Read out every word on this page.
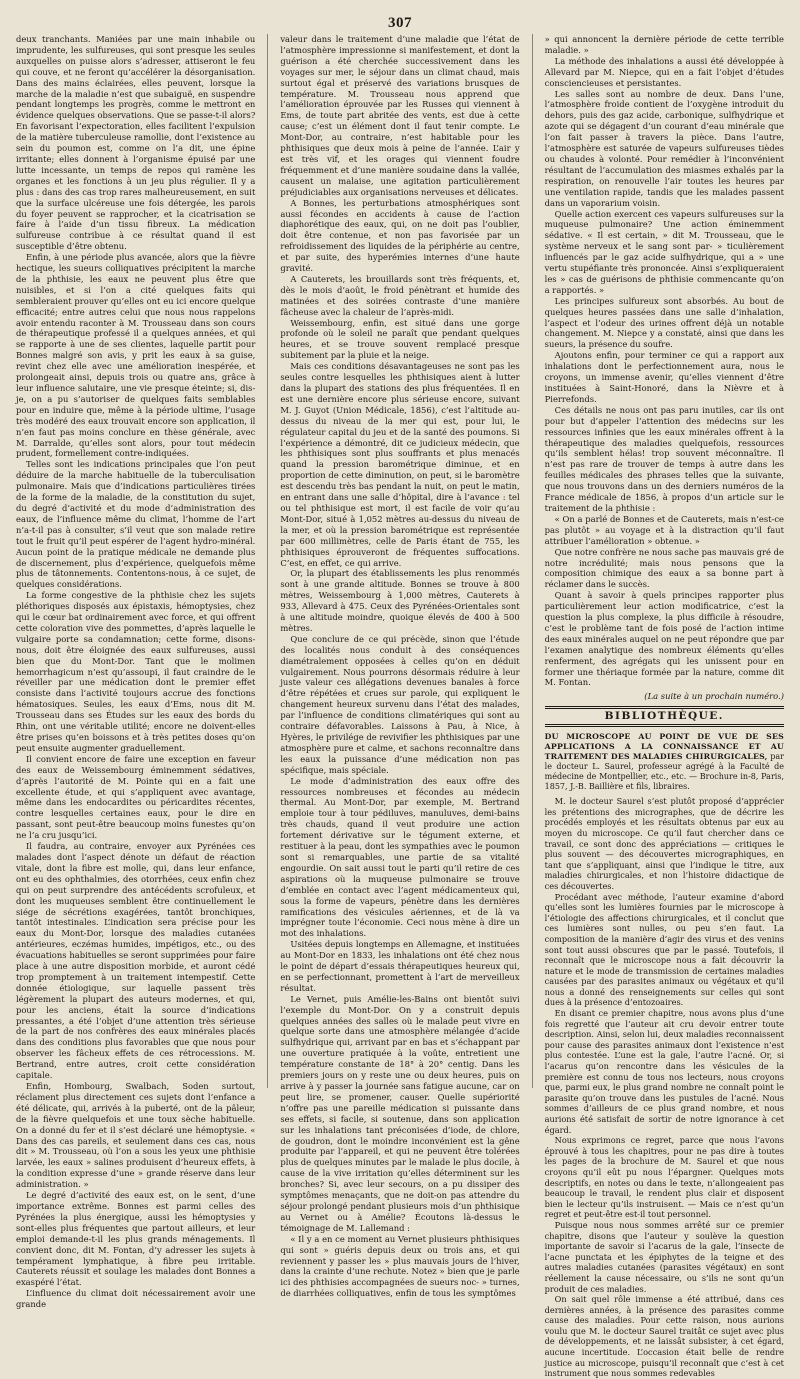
307

deux tranchants. Maniées par une main inhabile ou imprudente, les sulfureuses, qui sont presque les seules auxquelles on puisse alors s’adresser, attiseront le feu qui couve, et ne feront qu’accélérer la désorganisation. Dans des mains éclairées, elles peuvent, lorsque la marche de la maladie n’est que subaiguë, en suspendre pendant longtemps les progrès, comme le mettront en évidence quelques observations. Que se passe-t-il alors? En favorisant l’expectoration, elles facilitent l’expulsion de la matière tuberculeuse ramollie, dont l’existence au sein du poumon est, comme on l’a dit, une épine irritante; elles donnent à l’organisme épuisé par une lutte incessante, un temps de repos qui ramène les organes et les fonctions à un jeu plus régulier. Il y a plus : dans des cas trop rares malheureusement, en suit que la surface ulcéreuse une fois détergée, les parois du foyer peuvent se rapprocher, et la cicatrisation se faire à l’aide d’un tissu fibreux. La médication sulfureuse contribue à ce résultat quand il est susceptible d’être obtenu.

Enfin, à une période plus avancée, alors que la fièvre hectique, les sueurs colliquatives précipitent la marche de la phthisie, les eaux ne peuvent plus être que nuisibles, et si l’on a cité quelques faits qui sembleraient prouver qu’elles ont eu ici encore quelque efficacité; entre autres celui que nous nous rappelons avoir entendu raconter à M. Trousseau dans son cours de thérapeutique professé il a quelques années, et qui se rapporte à une de ses clientes, laquelle partit pour Bonnes malgré son avis, y prit les eaux à sa guise, revint chez elle avec une amélioration inespérée, et prolongeait ainsi, depuis trois ou quatre ans, grâce à leur influence salutaire, une vie presque éteinte; si, dis-je, on a pu s’autoriser de quelques faits semblables pour en induire que, même à la période ultime, l’usage très modéré des eaux trouvait encore son application, il n’en faut pas moins conclure en thèse générale, avec M. Darralde, qu’elles sont alors, pour tout médecin prudent, formellement contre-indiquées.

Telles sont les indications principales que l’on peut déduire de la marche habituelle de la tuberculisation pulmonaire. Mais que d’indications particulières tirées de la forme de la maladie, de la constitution du sujet, du degré d’activité et du mode d’administration des eaux, de l’influence même du climat, l’homme de l’art n’a-t-il pas à consulter, s’il veut que son malade retire tout le fruit qu’il peut espérer de l’agent hydro-minéral. Aucun point de la pratique médicale ne demande plus de discernement, plus d’expérience, quelquefois même plus de tâtonnements. Contentons-nous, à ce sujet, de quelques considérations.

La forme congestive de la phthisie chez les sujets pléthoriques disposés aux épistaxis, hémoptysies, chez qui le cœur bat ordinairement avec force, et qui offrent cette coloration vive des pommettes, d’après laquelle le vulgaire porte sa condamnation; cette forme, disons-nous, doit être éloignée des eaux sulfureuses, aussi bien que du Mont-Dor. Tant que le molimen hemorrhagicum n’est qu’assoupi, il faut craindre de le réveiller par une médication dont le premier effet consiste dans l’activité toujours accrue des fonctions hématosiques. Seules, les eaux d’Ems, nous dit M. Trousseau dans ses Études sur les eaux des bords du Rhin, ont une véritable utilité; encore ne doivent-elles être prises qu’en boissons et à très petites doses qu’on peut ensuite augmenter graduellement.

Il convient encore de faire une exception en faveur des eaux de Weissembourg éminemment sédatives, d’après l’autorité de M. Pointe qui en a fait une excellente étude, et qui s’appliquent avec avantage, même dans les endocardites ou péricardites récentes, contre lesquelles certaines eaux, pour le dire en passant, sont peut-être beaucoup moins funestes qu’on ne l’a cru jusqu’ici.

Il faudra, au contraire, envoyer aux Pyrénées ces malades dont l’aspect dénote un défaut de réaction vitale, dont la fibre est molle, qui, dans leur enfance, ont eu des ophthalmies, des otorrhées, ceux enfin chez qui on peut surprendre des antécédents scrofuleux, et dont les muqueuses semblent être continuellement le siége de sécrétions exagérées, tantôt bronchiques, tantôt intestinales. L’indication sera précise pour les eaux du Mont-Dor, lorsque des maladies cutanées antérieures, eczémas humides, impétigos, etc., ou des évacuations habituelles se seront supprimées pour faire place à une autre disposition morbide, et auront cédé trop promptement à un traitement intempestif. Cette donnée étiologique, sur laquelle passent très légèrement la plupart des auteurs modernes, et qui, pour les anciens, était la source d’indications pressantes, a été l’objet d’une attention très sérieuse de la part de nos confrères des eaux minérales placés dans des conditions plus favorables que que nous pour observer les fâcheux effets de ces rétrocessions. M. Bertrand, entre autres, croit cette considération capitale.

Enfin, Hombourg, Swalbach, Soden surtout, réclament plus directement ces sujets dont l’enfance a été délicate, qui, arrivés à la puberté, ont de la pâleur, de la fièvre quelquefois et une toux sèche habituelle. On a donné du fer et il s’est déclaré une hémoptysie. « Dans des cas pareils, et seulement dans ces cas, nous dit » M. Trousseau, où l’on a sous les yeux une phthisie larvée, les eaux » salines produisent d’heureux effets, à la condition expresse d’une » grande réserve dans leur administration. »

Le degré d’activité des eaux est, on le sent, d’une importance extrême. Bonnes est parmi celles des Pyrénées la plus énergique, aussi les hémoptysies y sont-elles plus fréquentes que partout ailleurs, et leur emploi demande-t-il les plus grands ménagements. Il convient donc, dit M. Fontan, d’y adresser les sujets à tempérament lymphatique, à fibre peu irritable. Cauterets réussit et soulage les malades dont Bonnes a exaspéré l’état.

L’influence du climat doit nécessairement avoir une grande

valeur dans le traitement d’une maladie que l’état de l’atmosphère impressionne si manifestement, et dont la guérison a été cherchée successivement dans les voyages sur mer, le séjour dans un climat chaud, mais surtout égal et préservé des variations brusques de température. M. Trousseau nous apprend que l’amélioration éprouvée par les Russes qui viennent à Ems, de toute part abritée des vents, est due à cette cause; c’est un élément dont il faut tenir compte. Le Mont-Dor, au contraire, n’est habitable pour les phthisiques que deux mois à peine de l’année. L’air y est très vif, et les orages qui viennent foudre fréquemment et d’une manière soudaine dans la vallée, causent un malaise, une agitation particulièrement préjudiciables aux organisations nerveuses et délicates.

A Bonnes, les perturbations atmosphériques sont aussi fécondes en accidents à cause de l’action diaphorétique des eaux, qui, on ne doit pas l’oublier, doit être contenue, et non pas favorisée par un refroidissement des liquides de la périphérie au centre, et par suite, des hyperémies internes d’une haute gravité.

A Cauterets, les brouillards sont très fréquents, et, dès le mois d’août, le froid pénètrant et humide des matinées et des soirées contraste d’une manière fâcheuse avec la chaleur de l’après-midi.

Weissembourg, enfin, est situé dans une gorge profonde où le soleil ne paraît que pendant quelques heures, et se trouve souvent remplacé presque subitement par la pluie et la neige.

Mais ces conditions désavantageuses ne sont pas les seules contre lesquelles les phthisiques aient à lutter dans la plupart des stations des plus fréquentées. Il en est une dernière encore plus sérieuse encore, suivant M. J. Guyot (Union Médicale, 1856), c’est l’altitude au-dessus du niveau de la mer qui est, pour lui, le régulateur capital du jeu et de la santé des poumons. Si l’expérience a démontré, dit ce judicieux médecin, que les phthisiques sont plus souffrants et plus menacés quand la pression barométrique diminue, et en proportion de cette diminution, on peut, si le baromètre est descendu très bas pendant la nuit, on peut le matin, en entrant dans une salle d’hôpital, dire à l’avance : tel ou tel phthisique est mort, il est facile de voir qu’au Mont-Dor, situé à 1,052 mètres au-dessus du niveau de la mer, et où la pression barométrique est représentée par 600 millimètres, celle de Paris étant de 755, les phthisiques éprouveront de fréquentes suffocations. C’est, en effet, ce qui arrive.

Or, la plupart des établissements les plus renommés sont à une grande altitude. Bonnes se trouve à 800 mètres, Weissembourg à 1,000 mètres, Cauterets à 933, Allevard à 475. Ceux des Pyrénées-Orientales sont à une altitude moindre, quoique élevés de 400 à 500 mètres.

Que conclure de ce qui précède, sinon que l’étude des localités nous conduit à des conséquences diamétralement opposées à celles qu’on en déduit vulgairement. Nous pourrons désormais réduire à leur juste valeur ces allégations devenues banales à force d’être répétées et crues sur parole, qui expliquent le changement heureux survenu dans l’état des malades, par l’influence de conditions climatériques qui sont au contraire défavorables. Laissons à Pau, à Nice, à Hyères, le privilége de revivifier les phthisiques par une atmosphère pure et calme, et sachons reconnaître dans les eaux la puissance d’une médication non pas spécifique, mais spéciale.

Le mode d’administration des eaux offre des ressources nombreuses et fécondes au médecin thermal. Au Mont-Dor, par exemple, M. Bertrand emploie tour à tour pédiluves, manuluves, demi-bains très chauds, quand il veut produire une action fortement dérivative sur le tégument externe, et restituer à la peau, dont les sympathies avec le poumon sont si remarquables, une partie de sa vitalité engourdie. On sait aussi tout le parti qu’il retire de ces aspirations où la muqueuse pulmonaire se trouve d’emblée en contact avec l’agent médicamenteux qui, sous la forme de vapeurs, pénètre dans les dernières ramifications des vésicules aériennes, et de là va imprégner toute l’économie. Ceci nous mène à dire un mot des inhalations.

Usitées depuis longtemps en Allemagne, et instituées au Mont-Dor en 1833, les inhalations ont été chez nous le point de départ d’essais thérapeutiques heureux qui, en se perfectionnant, promettent à l’art de merveilleux résultat.

Le Vernet, puis Amélie-les-Bains ont bientôt suivi l’exemple du Mont-Dor. On y a construit depuis quelques années des salles où le malade peut vivre en quelque sorte dans une atmosphère mélangée d’acide sulfhydrique qui, arrivant par en bas et s’échappant par une ouverture pratiquée à la voûte, entretient une température constante de 18° à 20° centig. Dans les premiers jours on y reste une ou deux heures, puis on arrive à y passer la journée sans fatigue aucune, car on peut lire, se promener, causer. Quelle supériorité n’offre pas une pareille médication si puissante dans ses effets, si facile, si soutenue, dans son application sur les inhalations tant préconisées d’iode, de chlore, de goudron, dont le moindre inconvénient est la gêne produite par l’appareil, et qui ne peuvent être tolérées plus de quelques minutes par le malade le plus docile, à cause de la vive irritation qu’elles déterminent sur les bronches? Si, avec leur secours, on a pu dissiper des symptômes menaçants, que ne doit-on pas attendre du séjour prolongé pendant plusieurs mois d’un phthisique au Vernet ou à Amélie? Écoutons là-dessus le témoignage de M. Lallemand :

« Il y a en ce moment au Vernet plusieurs phthisiques qui sont » guéris depuis deux ou trois ans, et qui reviennent y passer les » plus mauvais jours de l’hiver, dans la crainte d’une rechute. Notez » bien que je parle ici des phthisies accompagnées de sueurs noc- » turnes, de diarrhées colliquatives, enfin de tous les symptômes

» qui annoncent la dernière période de cette terrible maladie. »

La méthode des inhalations a aussi été développée à Allevard par M. Niepce, qui en a fait l’objet d’études consciencieuses et persistantes.

Les salles sont au nombre de deux. Dans l’une, l’atmosphère froide contient de l’oxygène introduit du dehors, puis des gaz acide, carbonique, sulfhydrique et azote qui se dégagent d’un courant d’eau minérale que l’on fait passer à travers la pièce. Dans l’autre, l’atmosphère est saturée de vapeurs sulfureuses tièdes ou chaudes à volonté. Pour remédier à l’inconvénient résultant de l’accumulation des miasmes exhalés par la respiration, on renouvelle l’air toutes les heures par une ventilation rapide, tandis que les malades passent dans un vaporarium voisin.

Quelle action exercent ces vapeurs sulfureuses sur la muqueuse pulmonaire? Une action éminemment sédative. « Il est certain, » dit M. Trousseau, que le système nerveux et le sang sont par- » ticulièrement influencés par le gaz acide sulfhydrique, qui a » une vertu stupéfiante très prononcée. Ainsi s’expliqueraient les » cas de guérisons de phthisie commencante qu’on a rapportés. »

Les principes sulfureux sont absorbés. Au bout de quelques heures passées dans une salle d’inhalation, l’aspect et l’odeur des urines offrent déjà un notable changement. M. Niepce y a constaté, ainsi que dans les sueurs, la présence du soufre.

Ajoutons enfin, pour terminer ce qui a rapport aux inhalations dont le perfectionnement aura, nous le croyons, un immense avenir, qu’elles viennent d’être instituées à Saint-Honoré, dans la Nièvre et à Pierrefonds.

Ces détails ne nous ont pas paru inutiles, car ils ont pour but d’appeler l’attention des médecins sur les ressources infinies que les eaux minérales offrent à la thérapeutique des maladies quelquefois, ressources qu’ils semblent hélas! trop souvent méconnaître. Il n’est pas rare de trouver de temps à autre dans les feuilles médicales des phrases telles que la suivante, que nous trouvons dans un des derniers numéros de la France médicale de 1856, à propos d’un article sur le traitement de la phthisie :

« On a parlé de Bonnes et de Cauterets, mais n’est-ce pas plutôt » au voyage et à la distraction qu’il faut attribuer l’amélioration » obtenue. »

Que notre confrère ne nous sache pas mauvais gré de notre incrédulité; mais nous pensons que la composition chimique des eaux a sa bonne part à réclamer dans le succès.

Quant à savoir à quels principes rapporter plus particulièrement leur action modificatrice, c’est la question la plus complexe, la plus difficile à résoudre, c’est le problème tant de fois posé de l’action intime des eaux minérales auquel on ne peut répondre que par l’examen analytique des nombreux éléments qu’elles renferment, des agrégats qui les unissent pour en former une thériaque formée par la nature, comme dit M. Fontan.

(La suite à un prochain numéro.)
BIBLIOTHÈQUE.
DU MICROSCOPE AU POINT DE VUE DE SES APPLICATIONS A LA CONNAISSANCE ET AU TRAITEMENT DES MALADIES CHIRURGICALES, par le docteur L. Saurel, professeur agrégé à la Faculté de médecine de Montpellier, etc., etc. — Brochure in-8, Paris, 1857, J.-B. Baillière et fils, libraires.

M. le docteur Saurel s’est plutôt proposé d’apprécier les prétentions des micrographes, que de décrire les procédés employés et les résultats obtenus par eux au moyen du microscope. Ce qu’il faut chercher dans ce travail, ce sont donc des appréciations — critiques le plus souvent — des découvertes micrographiques, en tant que s’appliquant, ainsi que l’indique le titre, aux maladies chirurgicales, et non l’histoire didactique de ces découvertes.

Procédant avec méthode, l’auteur examine d’abord qu’elles sont les lumières fournies par le microscope à l’étiologie des affections chirurgicales, et il conclut que ces lumières sont nulles, ou peu s’en faut. La composition de la manière d’agir des virus et des venins sont tout aussi obscures que par le passé. Toutefois, il reconnaît que le microscope nous a fait découvrir la nature et le mode de transmission de certaines maladies causées par des parasites animaux ou végétaux et qu’il nous a donné des renseignements sur celles qui sont dues à la présence d’entozoaires.

En disant ce premier chapitre, nous avons plus d’une fois regretté que l’auteur ait cru devoir entrer toute description. Ainsi, selon lui, deux maladies reconnaissent pour cause des parasites animaux dont l’existence n’est plus contestée. L’une est la gale, l’autre l’acné. Or, si l’acarus qu’on rencontre dans les vésicules de la première est connu de tous nos lecteurs, nous croyons que, parmi eux, le plus grand nombre ne connaît point le parasite qu’on trouve dans les pustules de l’acné. Nous sommes d’ailleurs de ce plus grand nombre, et nous aurions été satisfait de sortir de notre ignorance à cet égard.

Nous exprimons ce regret, parce que nous l’avons éprouvé à tous les chapitres, pour ne pas dire à toutes les pages de la brochure de M. Saurel et que nous croyons qu’il eût pu nous l’épargner. Quelques mots descriptifs, en notes ou dans le texte, n’allongeaient pas beaucoup le travail, le rendent plus clair et disposent bien le lecteur qu’ils instruisent. — Mais ce n’est qu’un regret et peut-être est-il tout personnel.

Puisque nous nous sommes arrêté sur ce premier chapitre, disons que l’auteur y soulève la question importante de savoir si l’acarus de la gale, l’insecte de l’acne punctata et les épiphytes de la teigne et des autres maladies cutanées (parasites végétaux) en sont réellement la cause nécessaire, ou s’ils ne sont qu’un produit de ces maladies.

On sait quel rôle immense a été attribué, dans ces dernières années, à la présence des parasites comme cause des maladies. Pour cette raison, nous aurions voulu que M. le docteur Saurel traitât ce sujet avec plus de développements, et ne laissât subsister, à cet égard, aucune incertitude. L’occasion était belle de rendre justice au microscope, puisqu’il reconnaît que c’est à cet instrument que nous sommes redevables
